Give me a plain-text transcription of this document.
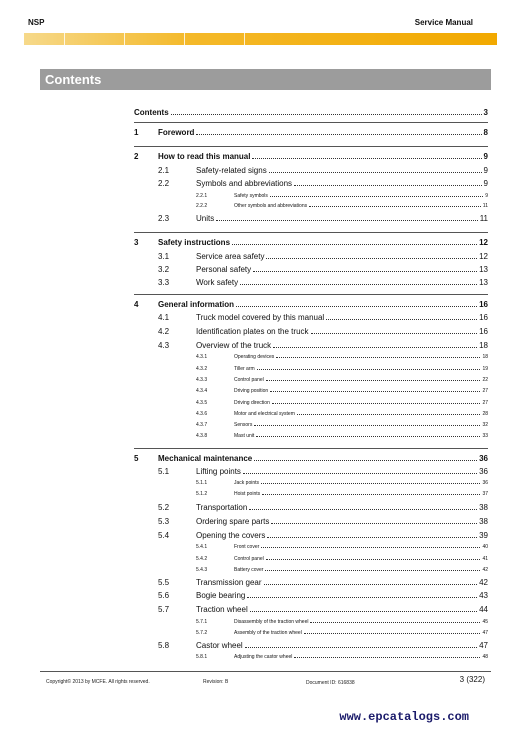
NSP	Service Manual
Contents
Contents	3
1 Foreword	8
2 How to read this manual	9
2.1	Safety-related signs	9
2.2	Symbols and abbreviations	9
2.2.1	Safety symbols	9
2.2.2	Other symbols and abbreviations	11
2.3	Units	11
3 Safety instructions	12
3.1	Service area safety	12
3.2	Personal safety	13
3.3	Work safety	13
4 General information	16
4.1	Truck model covered by this manual	16
4.2	Identification plates on the truck	16
4.3	Overview of the truck	18
4.3.1	Operating devices	18
4.3.2	Tiller arm	19
4.3.3	Control panel	22
4.3.4	Driving position	27
4.3.5	Driving direction	27
4.3.6	Motor and electrical system	28
4.3.7	Sensors	32
4.3.8	Mast unit	33
5 Mechanical maintenance	36
5.1	Lifting points	36
5.1.1	Jack points	36
5.1.2	Hoist points	37
5.2	Transportation	38
5.3	Ordering spare parts	38
5.4	Opening the covers	39
5.4.1	Front cover	40
5.4.2	Control panel	41
5.4.3	Battery cover	42
5.5	Transmission gear	42
5.6	Bogie bearing	43
5.7	Traction wheel	44
5.7.1	Disassembly of the traction wheel	45
5.7.2	Assembly of the traction wheel	47
5.8	Castor wheel	47
5.8.1	Adjusting the castor wheel	48
Copyright© 2013 by MCFE. All rights reserved.	Revision: B	Document ID: 616838	3 (322)
www.epcatalogs.com
